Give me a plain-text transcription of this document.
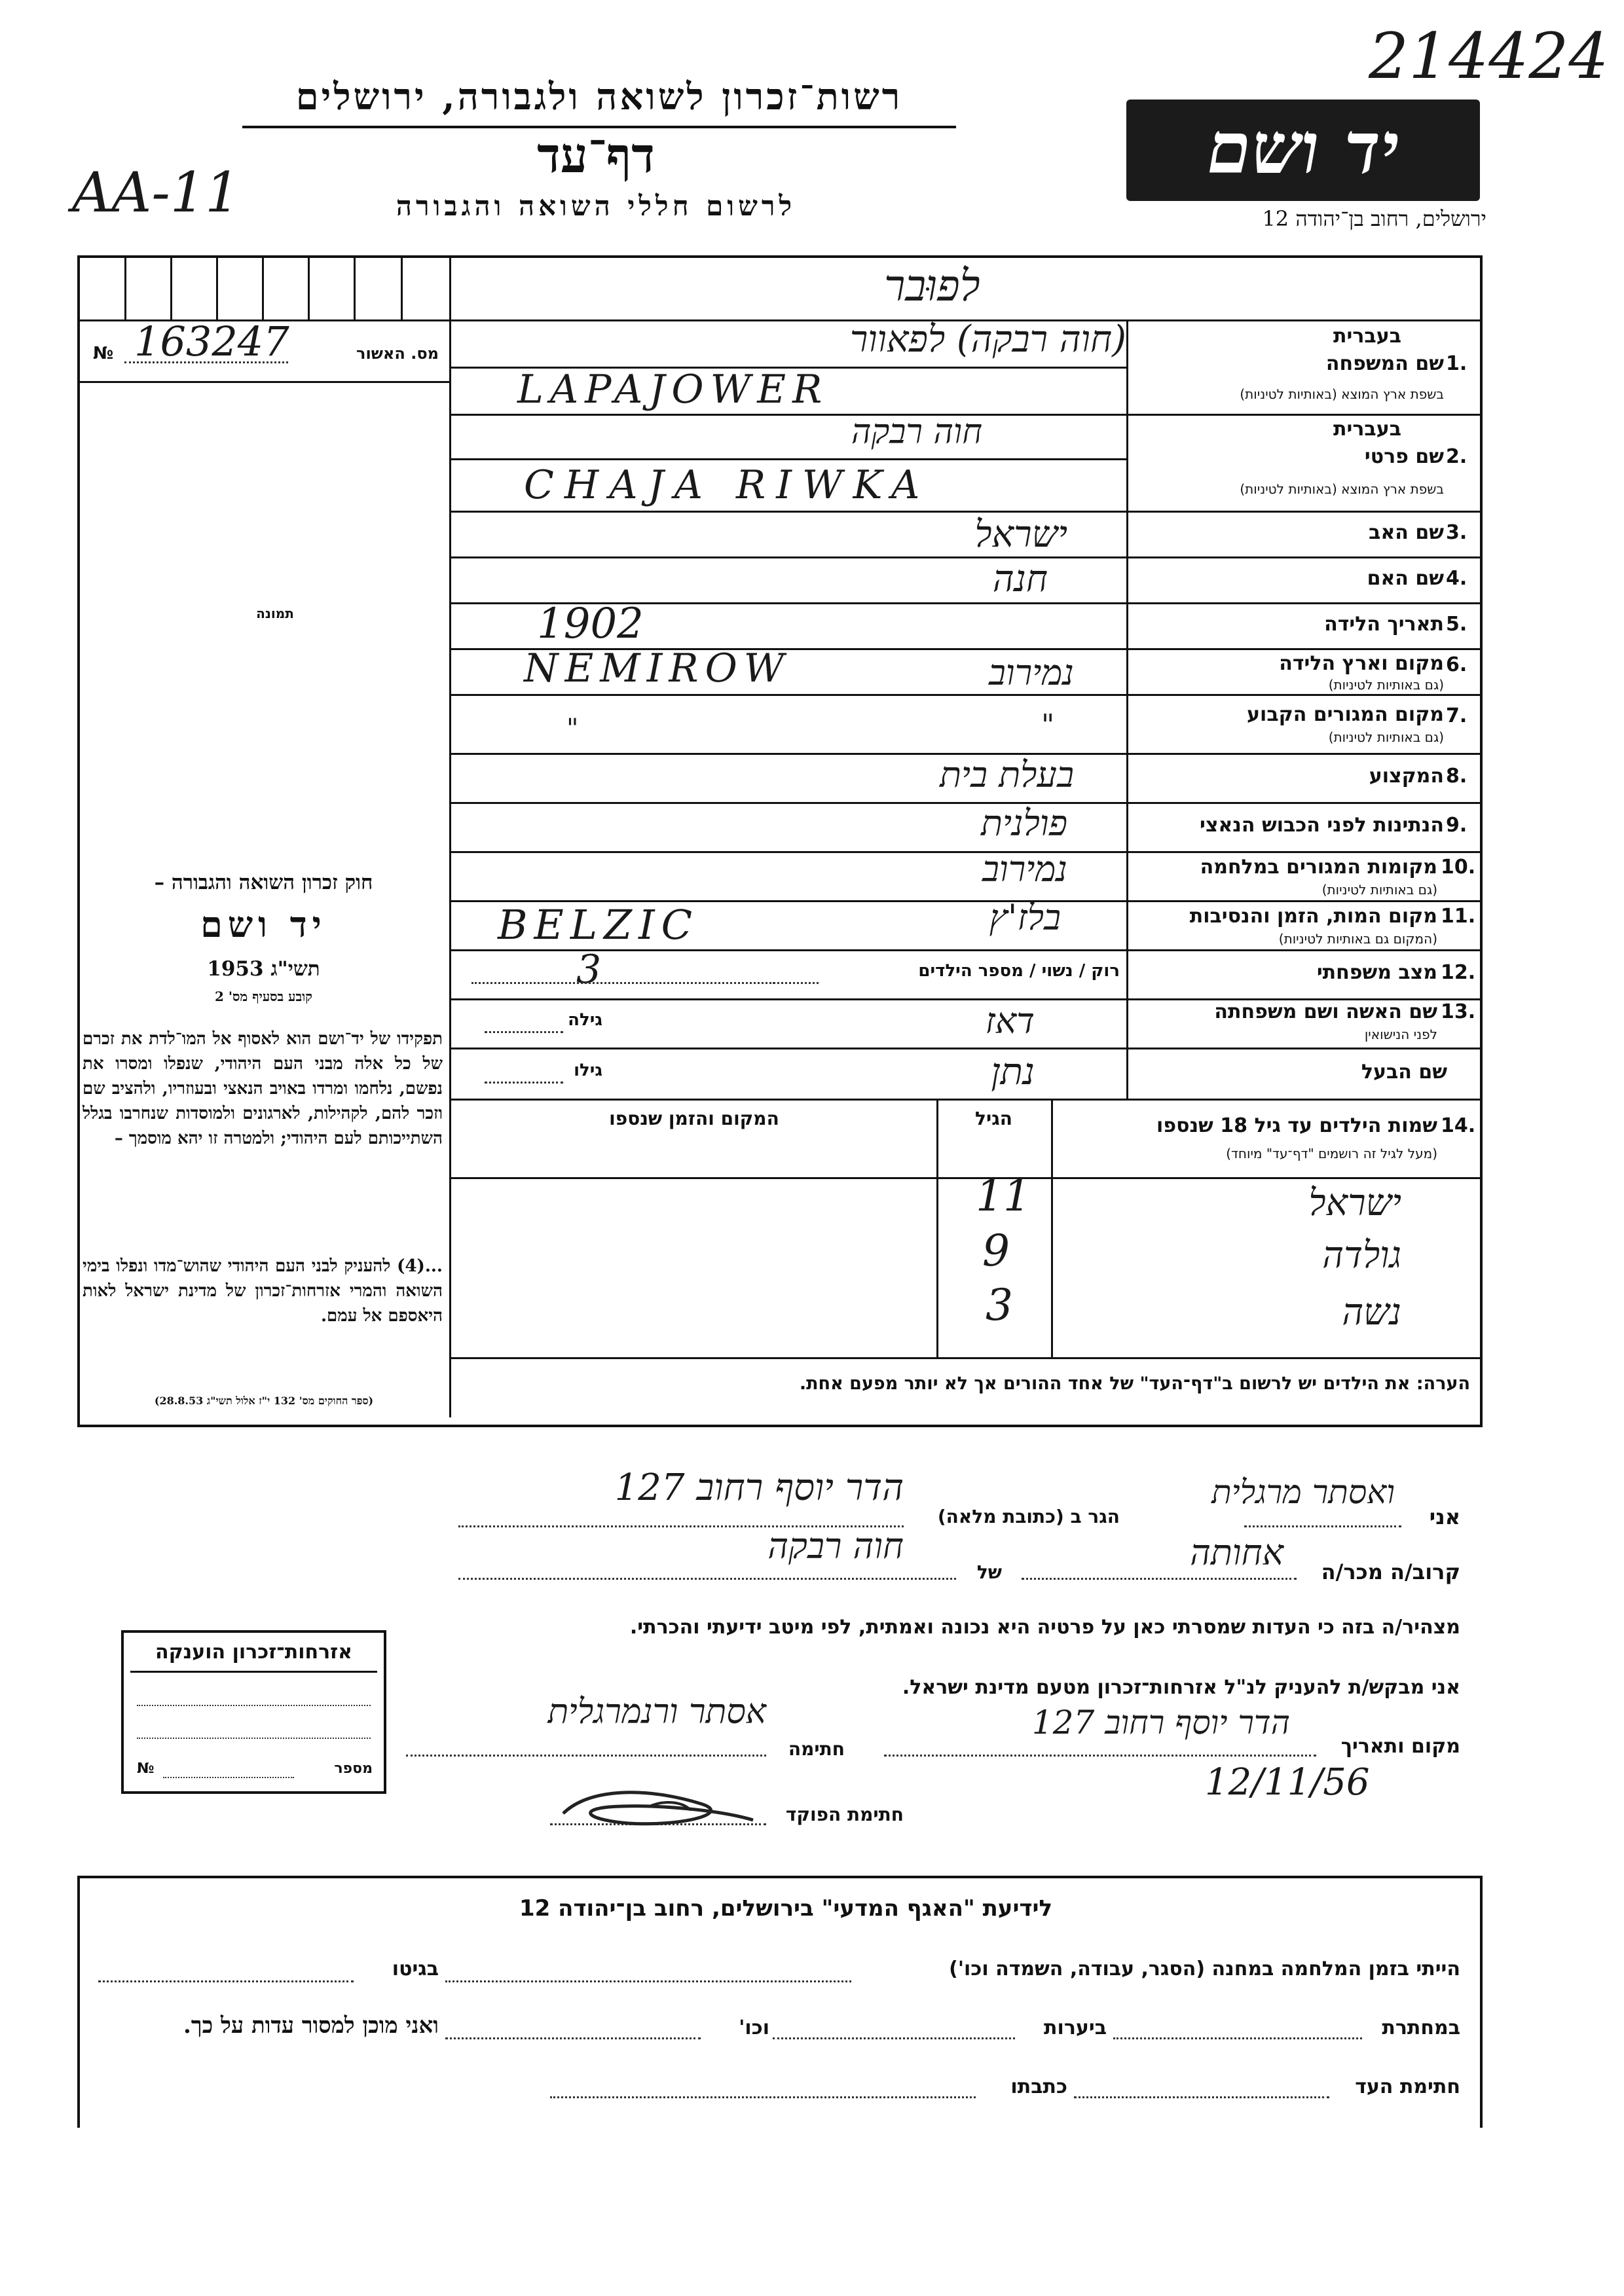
214424
AA-11
רשות־זכרון לשואה ולגבורה, ירושלים
דף־עד
לרשום חללי השואה והגבורה
יד ושם
ירושלים, רחוב בן־יהודה 12
№ 163247	מס. האשור
תמונה
חוק זכרון השואה והגבורה –
יד ושם
תשי"ג 1953
קובע בסעיף מס' 2
תפקידו של יד־ושם הוא לאסוף אל המו־לדת את זכרם של כל אלה מבני העם היהודי, שנפלו ומסרו את נפשם, נלחמו ומרדו באויב הנאצי ובעוזריו, ולהציב שם וזכר להם, לקהילות, לארגונים ולמוסדות שנחרבו בגלל השתייכותם לעם היהודי; ולמטרה זו יהא מוסמך –
...(4) להעניק לבני העם היהודי שהוש־מדו ונפלו בימי השואה והמרי אזרחות־זכרון של מדינת ישראל לאות היאספם אל עמם.
(ספר החוקים מס' 132 י"ז אלול תשי"ג 28.8.53)
לפוּבר
1.
בעברית
שם המשפחה
בשפת ארץ המוצא (באותיות לטיניות)
(חוה רבקה) לפאוור
LAPAJOWER
2.
בעברית
שם פרטי
בשפת ארץ המוצא (באותיות לטיניות)
חוה רבקה
CHAJA RIWKA
3.
שם האב
ישראל
4.
שם האם
חנה
5.
תאריך הלידה
1902
6.
מקום וארץ הלידה
(גם באותיות לטיניות)
NEMIROW	נמירוב
7.
מקום המגורים הקבוע
(גם באותיות לטיניות)
"	"
8.
המקצוע
בעלת בית
9.
הנתינות לפני הכבוש הנאצי
פולנית
10.
מקומות המגורים במלחמה
(גם באותיות לטיניות)
נמירוב
11.
מקום המות, הזמן והנסיבות
(המקום גם באותיות לטיניות)
BELZIC	בלז'ץ
12.
מצב משפחתי
רוק / נשוי / מספר הילדים
3
13.
שם האשה ושם משפחתה
לפני הנישואין
גילה	דאז
שם הבעל
גילו	נתן
14.
שמות הילדים עד גיל 18 שנספו
(מעל לגיל זה רושמים "דף־עד" מיוחד)
הגיל
המקום והזמן שנספו
ישראל
11
גולדה
9
נשה
3
הערה: את הילדים יש לרשום ב"דף־העד" של אחד ההורים אך לא יותר מפעם אחת.
אני
ואסתר מרגלית
הגר ב (כתובת מלאה)
הדר יוסף רחוב 127
קרוב/ה מכר/ה
אחותה
של
חוה רבקה
מצהיר/ה בזה כי העדות שמסרתי כאן על פרטיה היא נכונה ואמתית, לפי מיטב ידיעתי והכרתי.
אני מבקש/ת להעניק לנ"ל אזרחות־זכרון מטעם מדינת ישראל.
מקום ותאריך
הדר יוסף רחוב 127
12/11/56
חתימה
אסתר ורנמרגלית
חתימת הפוקד
אזרחות־זכרון הוענקה
№	מספר
לידיעת "האגף המדעי" בירושלים, רחוב בן־יהודה 12
הייתי בזמן המלחמה במחנה (הסגר, עבודה, השמדה וכו')
בגיטו
במחתרת
ביערות
וכו'
ואני מוכן למסור עדות על כך.
חתימת העד
כתבתו
